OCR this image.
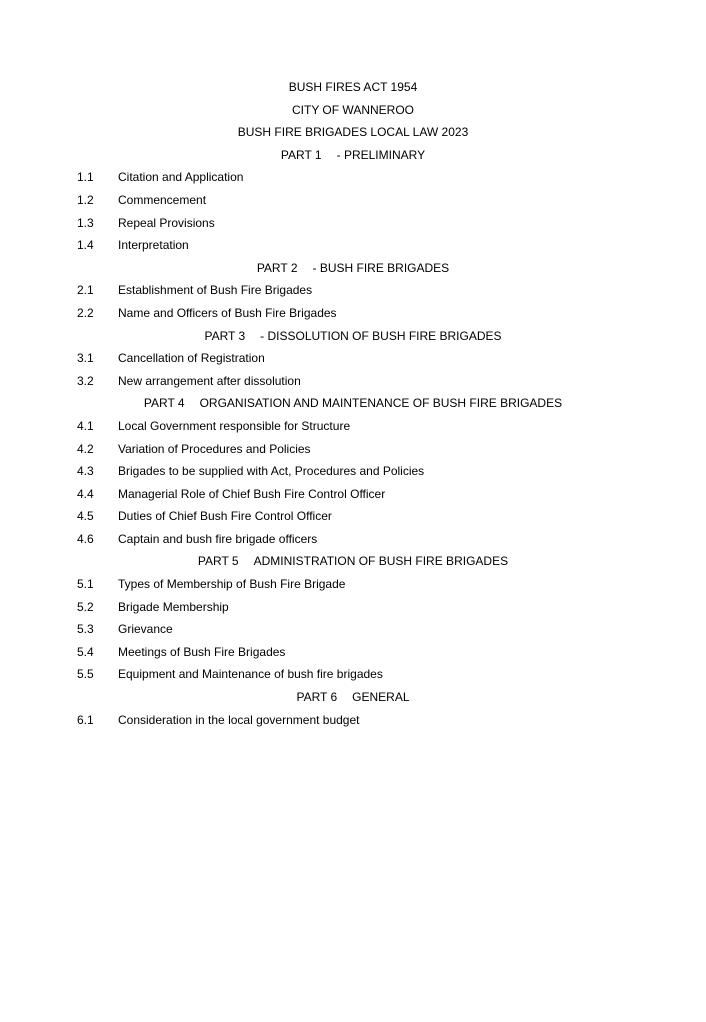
BUSH FIRES ACT 1954
CITY OF WANNEROO
BUSH FIRE BRIGADES LOCAL LAW 2023
PART 1 - PRELIMINARY
1.1 Citation and Application
1.2 Commencement
1.3 Repeal Provisions
1.4 Interpretation
PART 2 - BUSH FIRE BRIGADES
2.1 Establishment of Bush Fire Brigades
2.2 Name and Officers of Bush Fire Brigades
PART 3 - DISSOLUTION OF BUSH FIRE BRIGADES
3.1 Cancellation of Registration
3.2 New arrangement after dissolution
PART 4 ORGANISATION AND MAINTENANCE OF BUSH FIRE BRIGADES
4.1 Local Government responsible for Structure
4.2 Variation of Procedures and Policies
4.3 Brigades to be supplied with Act, Procedures and Policies
4.4 Managerial Role of Chief Bush Fire Control Officer
4.5 Duties of Chief Bush Fire Control Officer
4.6 Captain and bush fire brigade officers
PART 5 ADMINISTRATION OF BUSH FIRE BRIGADES
5.1 Types of Membership of Bush Fire Brigade
5.2 Brigade Membership
5.3 Grievance
5.4 Meetings of Bush Fire Brigades
5.5 Equipment and Maintenance of bush fire brigades
PART 6 GENERAL
6.1 Consideration in the local government budget
